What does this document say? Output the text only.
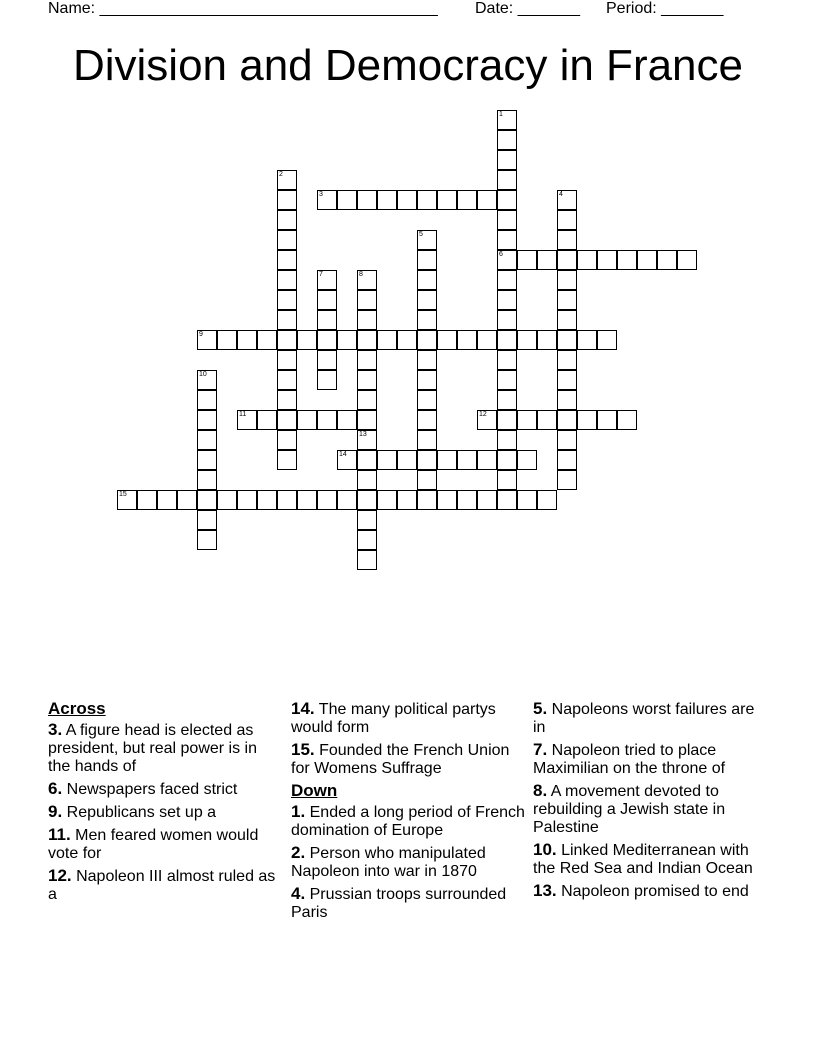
Name: ______________________________________ Date: _______ Period: _______
Division and Democracy in France
1
6
2
3	4
5
7	8
9
10
11	12
13
14
15
Across
3. A figure head is elected as president, but real power is in the hands of
6. Newspapers faced strict
9. Republicans set up a
11. Men feared women would vote for
12. Napoleon III almost ruled as a
14. The many political partys would form
15. Founded the French Union for Womens Suffrage
Down
1. Ended a long period of French domination of Europe
2. Person who manipulated Napoleon into war in 1870
4. Prussian troops surrounded Paris
5. Napoleons worst failures are in
7. Napoleon tried to place Maximilian on the throne of
8. A movement devoted to rebuilding a Jewish state in Palestine
10. Linked Mediterranean with the Red Sea and Indian Ocean
13. Napoleon promised to end
